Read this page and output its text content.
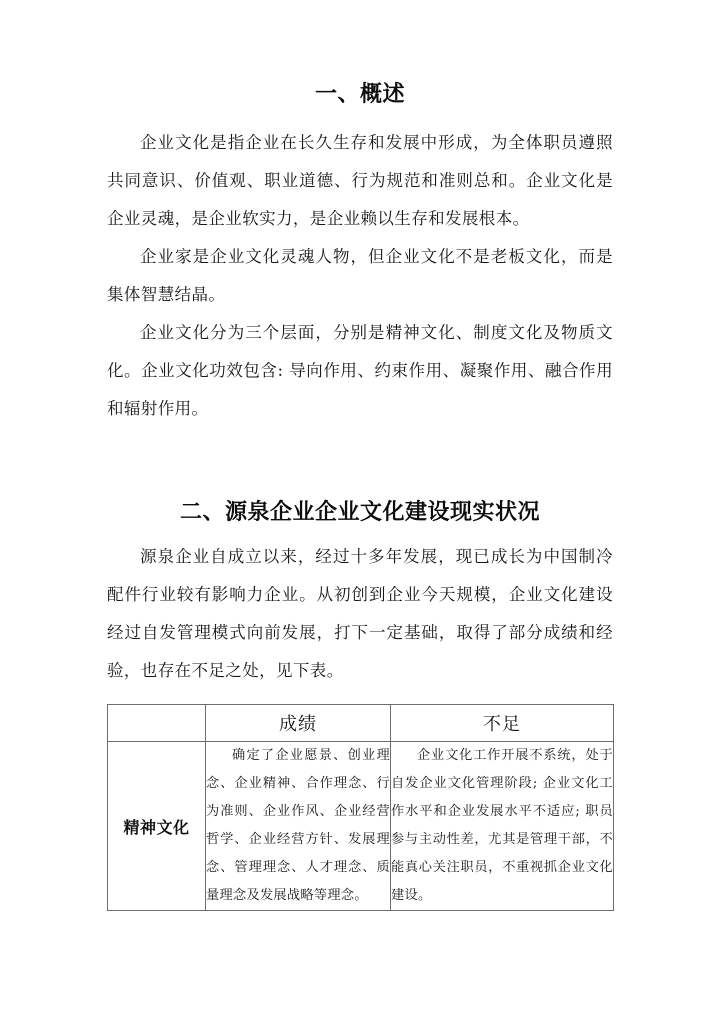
一、概述

企业文化是指企业在长久生存和发展中形成，为全体职员遵照共同意识、价值观、职业道德、行为规范和准则总和。企业文化是企业灵魂，是企业软实力，是企业赖以生存和发展根本。

企业家是企业文化灵魂人物，但企业文化不是老板文化，而是集体智慧结晶。

企业文化分为三个层面，分别是精神文化、制度文化及物质文化。企业文化功效包含: 导向作用、约束作用、凝聚作用、融合作用和辐射作用。

二、源泉企业企业文化建设现实状况

源泉企业自成立以来，经过十多年发展，现已成长为中国制冷配件行业较有影响力企业。从初创到企业今天规模，企业文化建设经过自发管理模式向前发展，打下一定基础，取得了部分成绩和经验，也存在不足之处，见下表。

	成绩	不足
精神文化	确定了企业愿景、创业理念、企业精神、合作理念、行为准则、企业作风、企业经营哲学、企业经营方针、发展理念、管理理念、人才理念、质量理念及发展战略等理念。	企业文化工作开展不系统，处于自发企业文化管理阶段; 企业文化工作水平和企业发展水平不适应; 职员参与主动性差，尤其是管理干部，不能真心关注职员，不重视抓企业文化建设。
